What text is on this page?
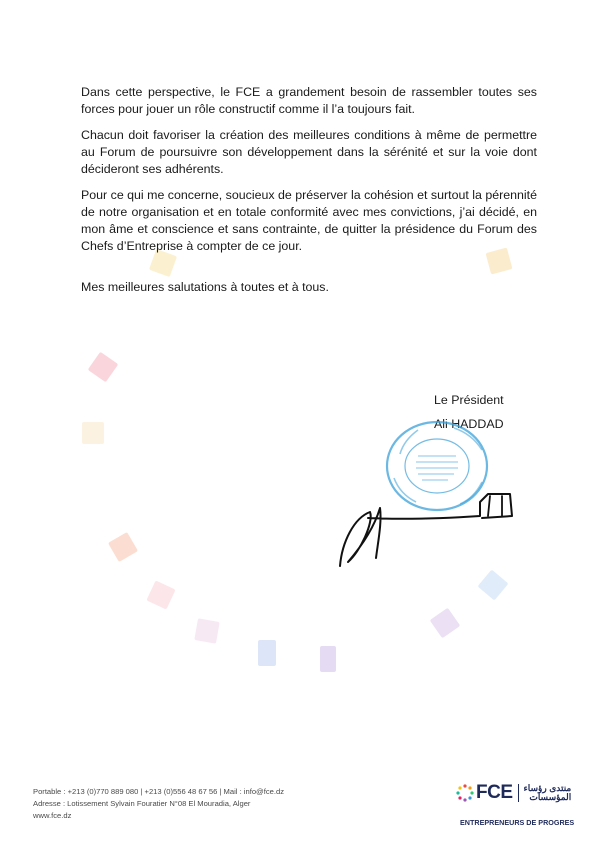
Dans cette perspective, le FCE a grandement besoin de rassembler toutes ses forces pour jouer un rôle constructif comme il l’a toujours fait.

Chacun doit favoriser la création des meilleures conditions à même de permettre au Forum de poursuivre son développement dans la sérénité et sur la voie dont décideront ses adhérents.

Pour ce qui me concerne, soucieux de préserver la cohésion et surtout la pérennité de notre organisation et en totale conformité avec mes convictions, j’ai décidé, en mon âme et conscience et sans contrainte, de quitter la présidence du Forum des Chefs d’Entreprise à compter de ce jour.

Mes meilleures salutations à toutes et à tous.

Le Président
Ali HADDAD
Portable : +213 (0)770 889 080 | +213 (0)556 48 67 56 | Mail : info@fce.dz
Adresse : Lotissement Sylvain Fouratier N°08 El Mouradia, Alger
www.fce.dz
FCE منتدى رؤساء
المؤسسات
ENTREPRENEURS DE PROGRES
